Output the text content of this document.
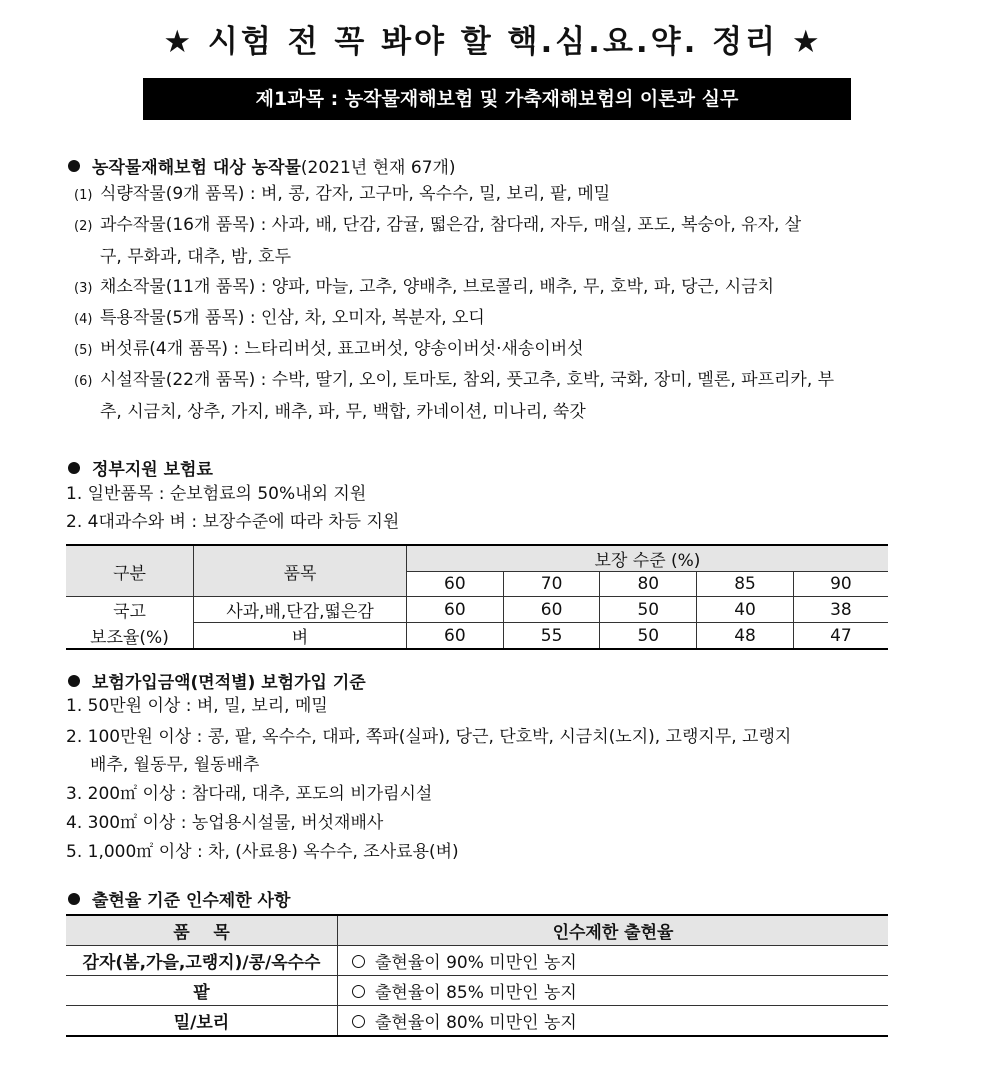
★ 시험 전 꼭 봐야 할 핵.심.요.약. 정리 ★
제1과목 : 농작물재해보험 및 가축재해보험의 이론과 실무
농작물재해보험 대상 농작물(2021년 현재 67개)
(1) 식량작물(9개 품목) : 벼, 콩, 감자, 고구마, 옥수수, 밀, 보리, 팥, 메밀
(2) 과수작물(16개 품목) : 사과, 배, 단감, 감귤, 떫은감, 참다래, 자두, 매실, 포도, 복숭아, 유자, 살
구, 무화과, 대추, 밤, 호두
(3) 채소작물(11개 품목) : 양파, 마늘, 고추, 양배추, 브로콜리, 배추, 무, 호박, 파, 당근, 시금치
(4) 특용작물(5개 품목) : 인삼, 차, 오미자, 복분자, 오디
(5) 버섯류(4개 품목) : 느타리버섯, 표고버섯, 양송이버섯·새송이버섯
(6) 시설작물(22개 품목) : 수박, 딸기, 오이, 토마토, 참외, 풋고추, 호박, 국화, 장미, 멜론, 파프리카, 부
추, 시금치, 상추, 가지, 배추, 파, 무, 백합, 카네이션, 미나리, 쑥갓
정부지원 보험료
1. 일반품목 : 순보험료의 50%내외 지원
2. 4대과수와 벼 : 보장수준에 따라 차등 지원
구분	품목	보장 수준 (%)				
		60	70	80	85	90
국고	사과,배,단감,떫은감	60	60	50	40	38
보조율(%)	벼	60	55	50	48	47
보험가입금액(면적별) 보험가입 기준
1. 50만원 이상 : 벼, 밀, 보리, 메밀
2. 100만원 이상 : 콩, 팥, 옥수수, 대파, 쪽파(실파), 당근, 단호박, 시금치(노지), 고랭지무, 고랭지
배추, 월동무, 월동배추
3. 200㎡ 이상 : 참다래, 대추, 포도의 비가림시설
4. 300㎡ 이상 : 농업용시설물, 버섯재배사
5. 1,000㎡ 이상 : 차, (사료용) 옥수수, 조사료용(벼)
출현율 기준 인수제한 사항
품    목	인수제한 출현율
감자(봄,가을,고랭지)/콩/옥수수	출현율이 90% 미만인 농지
팥	출현율이 85% 미만인 농지
밀/보리	출현율이 80% 미만인 농지
